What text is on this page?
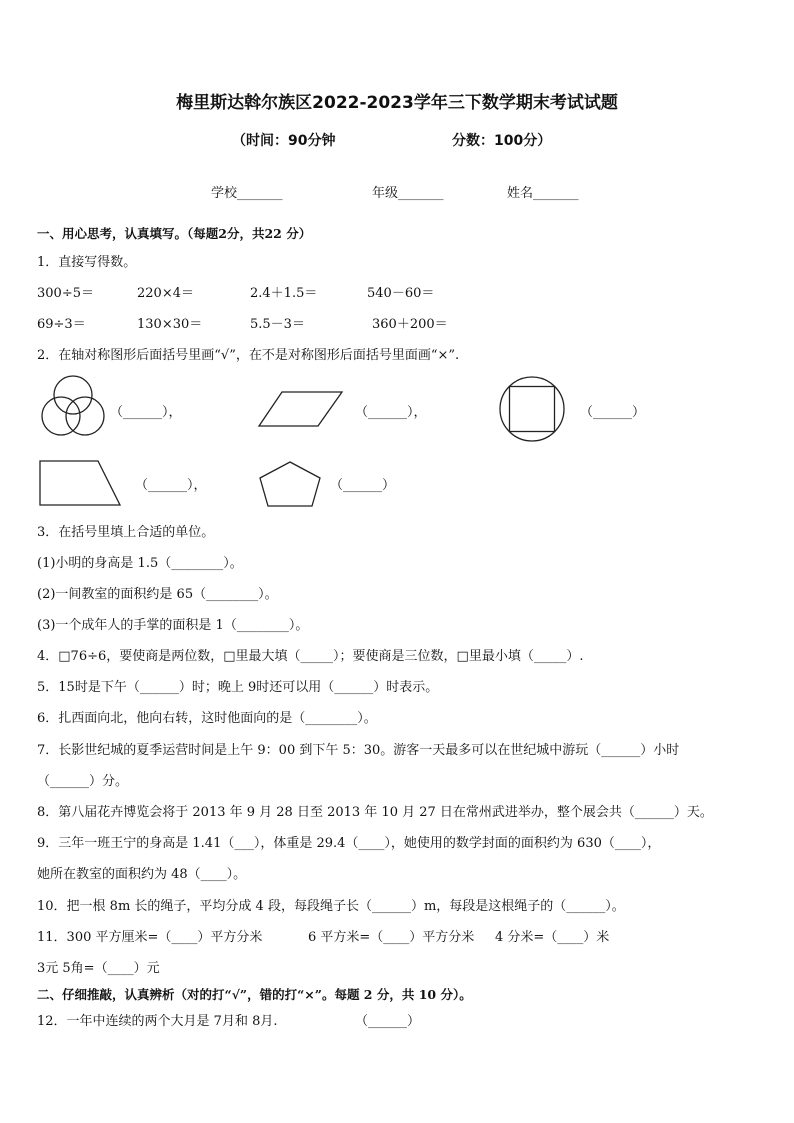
梅里斯达斡尔族区2022-2023学年三下数学期末考试试题
（时间：90分钟	分数：100分）
学校_______	年级_______	姓名_______
一、用心思考，认真填写。（每题2分，共22 分）
1．直接写得数。
300÷5＝	220×4＝	2.4＋1.5＝	540－60＝
69÷3＝	130×30＝	5.5－3＝	360＋200＝
2．在轴对称图形后面括号里画“√”，在不是对称图形后面括号里面画“×”.
（______），	（______），	（______）
（______），	（______）
3．在括号里填上合适的单位。
(1)小明的身高是 1.5（________）。
(2)一间教室的面积约是 65（________）。
(3)一个成年人的手掌的面积是 1（________）。
4．□76÷6，要使商是两位数，□里最大填（_____）；要使商是三位数，□里最小填（_____）.
5．15时是下午（______）时；晚上 9时还可以用（______）时表示。
6．扎西面向北，他向右转，这时他面向的是（________）。
7．长影世纪城的夏季运营时间是上午 9：00 到下午 5：30。游客一天最多可以在世纪城中游玩（______）小时
（______）分。
8．第八届花卉博览会将于 2013 年 9 月 28 日至 2013 年 10 月 27 日在常州武进举办，整个展会共（______）天。
9．三年一班王宁的身高是 1.41（___），体重是 29.4（____），她使用的数学封面的面积约为 630（____），
她所在教室的面积约为 48（____）。
10．把一根 8m 长的绳子，平均分成 4 段，每段绳子长（______）m，每段是这根绳子的（______）。
11．300 平方厘米=（____）平方分米	6 平方米=（____）平方分米 4 分米=（____）米
3元 5角=（____）元
二、仔细推敲，认真辨析（对的打“√”，错的打“×”。每题 2 分，共 10 分）。
12．一年中连续的两个大月是 7月和 8月.	（______）
